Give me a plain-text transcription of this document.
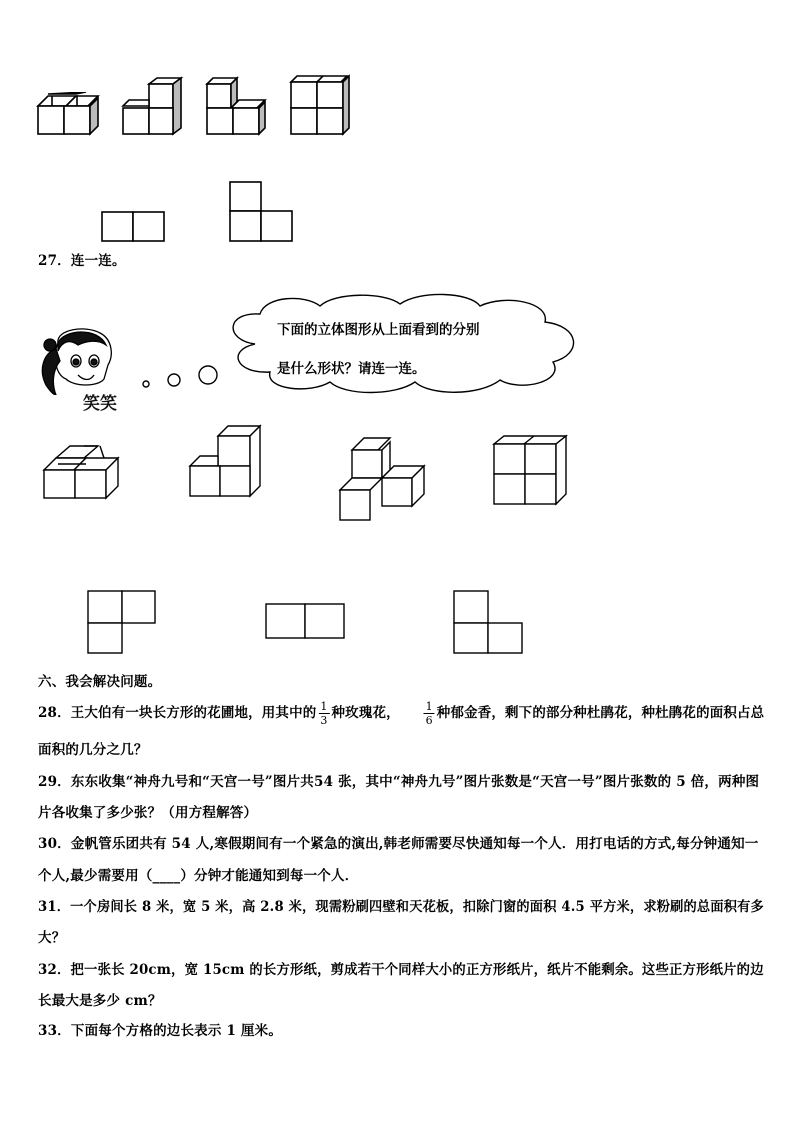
27．连一连。
下面的立体图形从上面看到的分别
是什么形状？请连一连。
笑笑
六、我会解决问题。
28．王大伯有一块长方形的花圃地，用其中的 $\frac{1}{3}$ 种玫瑰花， $\frac{1}{6}$ 种郁金香，剩下的部分种杜鹃花，种杜鹃花的面积占总
面积的几分之几？
29．东东收集“神舟九号和“天宫一号”图片共54 张，其中“神舟九号”图片张数是“天宫一号”图片张数的 5 倍，两种图
片各收集了多少张？（用方程解答）
30．金帆管乐团共有 54 人,寒假期间有一个紧急的演出,韩老师需要尽快通知每一个人．用打电话的方式,每分钟通知一
个人,最少需要用（____）分钟才能通知到每一个人．
31．一个房间长 8 米，宽 5 米，高 2.8 米，现需粉刷四壁和天花板，扣除门窗的面积 4.5 平方米，求粉刷的总面积有多
大？
32．把一张长 20cm，宽 15cm 的长方形纸，剪成若干个同样大小的正方形纸片，纸片不能剩余。这些正方形纸片的边
长最大是多少 cm？
33．下面每个方格的边长表示 1 厘米。
